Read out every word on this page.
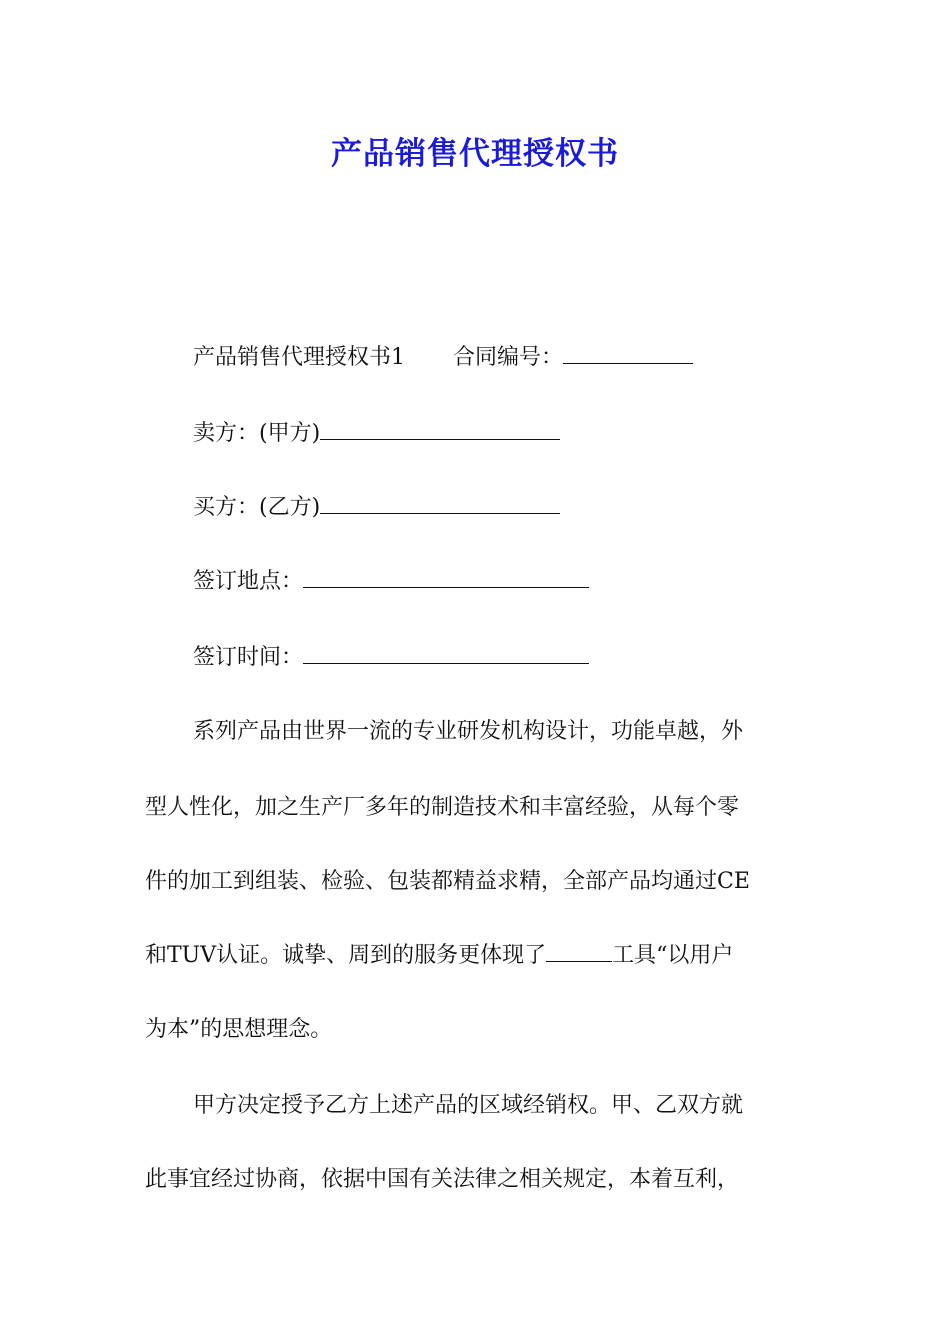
产品销售代理授权书
产品销售代理授权书1 合同编号：
卖方：(甲方)
买方：(乙方)
签订地点：
签订时间：
系列产品由世界一流的专业研发机构设计，功能卓越，外
型人性化，加之生产厂多年的制造技术和丰富经验，从每个零
件的加工到组装、检验、包装都精益求精，全部产品均通过CE
和TUV认证。诚挚、周到的服务更体现了	工具“以用户
为本”的思想理念。
甲方决定授予乙方上述产品的区域经销权。甲、乙双方就
此事宜经过协商，依据中国有关法律之相关规定，本着互利，
